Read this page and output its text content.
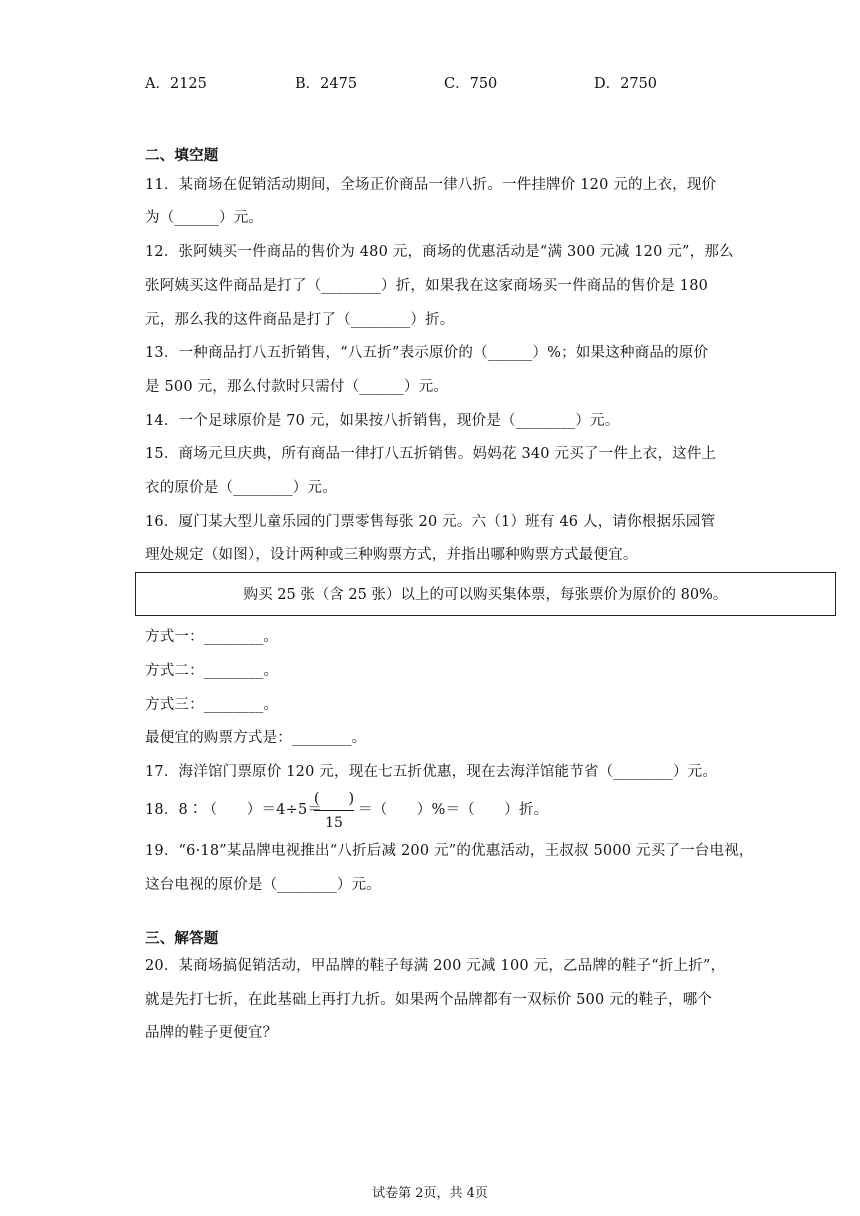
A．2125	B．2475	C．750	D．2750
二、填空题
11．某商场在促销活动期间，全场正价商品一律八折。一件挂牌价 120 元的上衣，现价
为（______）元。
12．张阿姨买一件商品的售价为 480 元，商场的优惠活动是“满 300 元减 120 元”，那么
张阿姨买这件商品是打了（________）折，如果我在这家商场买一件商品的售价是 180
元，那么我的这件商品是打了（________）折。
13．一种商品打八五折销售，“八五折”表示原价的（______）%；如果这种商品的原价
是 500 元，那么付款时只需付（______）元。
14．一个足球原价是 70 元，如果按八折销售，现价是（________）元。
15．商场元旦庆典，所有商品一律打八五折销售。妈妈花 340 元买了一件上衣，这件上
衣的原价是（________）元。
16．厦门某大型儿童乐园的门票零售每张 20 元。六（1）班有 46 人，请你根据乐园管
理处规定（如图），设计两种或三种购票方式，并指出哪种购票方式最便宜。
购买 25 张（含 25 张）以上的可以购买集体票，每张票价为原价的 80%。
方式一：________。
方式二：________。
方式三：________。
最便宜的购票方式是：________。
17．海洋馆门票原价 120 元，现在七五折优惠，现在去海洋馆能节省（________）元。
18．8∶（　　）＝4÷5＝
(　　)
15
＝（　　）%＝（　　）折。
19．“6·18”某品牌电视推出“八折后减 200 元”的优惠活动，王叔叔 5000 元买了一台电视，
这台电视的原价是（________）元。
三、解答题
20．某商场搞促销活动，甲品牌的鞋子每满 200 元减 100 元，乙品牌的鞋子“折上折”，
就是先打七折，在此基础上再打九折。如果两个品牌都有一双标价 500 元的鞋子，哪个
品牌的鞋子更便宜？
试卷第 2页，共 4页
